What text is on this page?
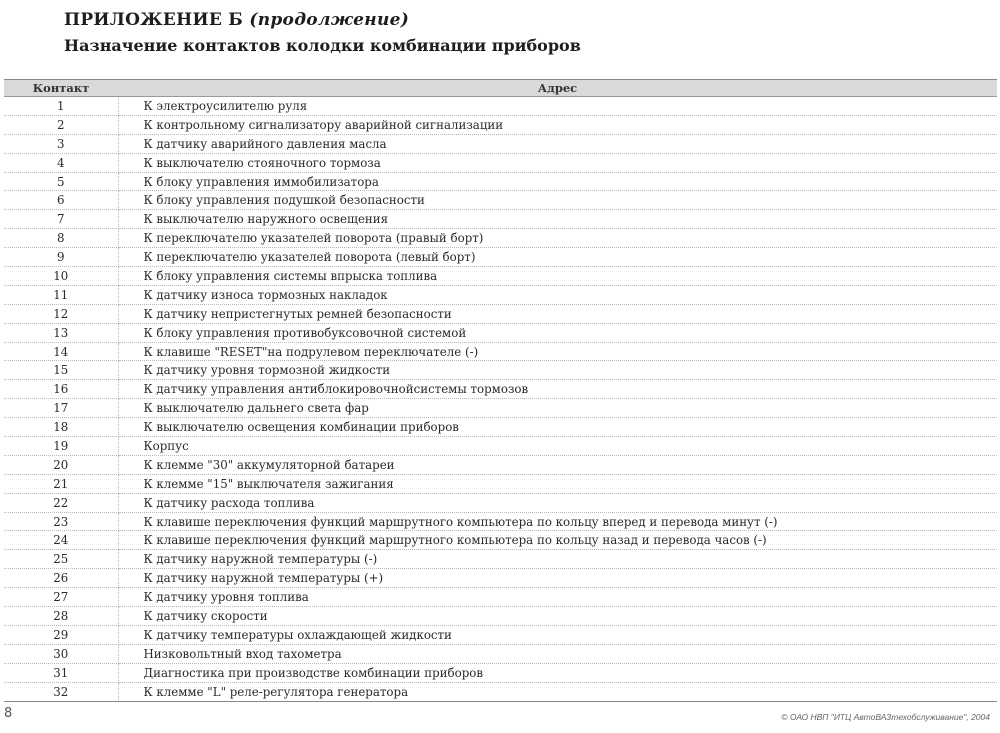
ПРИЛОЖЕНИЕ Б (продолжение)
Назначение контактов колодки комбинации приборов
Контакт	Адрес
1	К электроусилителю руля
2	К контрольному сигнализатору аварийной сигнализации
3	К датчику аварийного давления масла
4	К выключателю стояночного тормоза
5	К блоку управления иммобилизатора
6	К блоку управления подушкой безопасности
7	К выключателю наружного освещения
8	К переключателю указателей поворота (правый борт)
9	К переключателю указателей поворота (левый борт)
10	К блоку управления системы впрыска топлива
11	К датчику износа тормозных накладок
12	К датчику непристегнутых ремней безопасности
13	К блоку управления противобуксовочной системой
14	К клавише "RESET"на подрулевом переключателе (-)
15	К датчику уровня тормозной жидкости
16	К датчику управления антиблокировочнойсистемы тормозов
17	К выключателю дальнего света фар
18	К выключателю освещения комбинации приборов
19	Корпус
20	К клемме "30" аккумуляторной батареи
21	К клемме "15" выключателя зажигания
22	К датчику расхода топлива
23	К клавише переключения функций маршрутного компьютера по кольцу вперед и перевода минут (-)
24	К клавише переключения функций маршрутного компьютера по кольцу назад и перевода часов (-)
25	К датчику наружной температуры (-)
26	К датчику наружной температуры (+)
27	К датчику уровня топлива
28	К датчику скорости
29	К датчику температуры охлаждающей жидкости
30	Низковольтный вход тахометра
31	Диагностика при производстве комбинации приборов
32	К клемме "L" реле-регулятора генератора
8	© ОАО НВП "ИТЦ АвтоВАЗтехобслуживание", 2004
